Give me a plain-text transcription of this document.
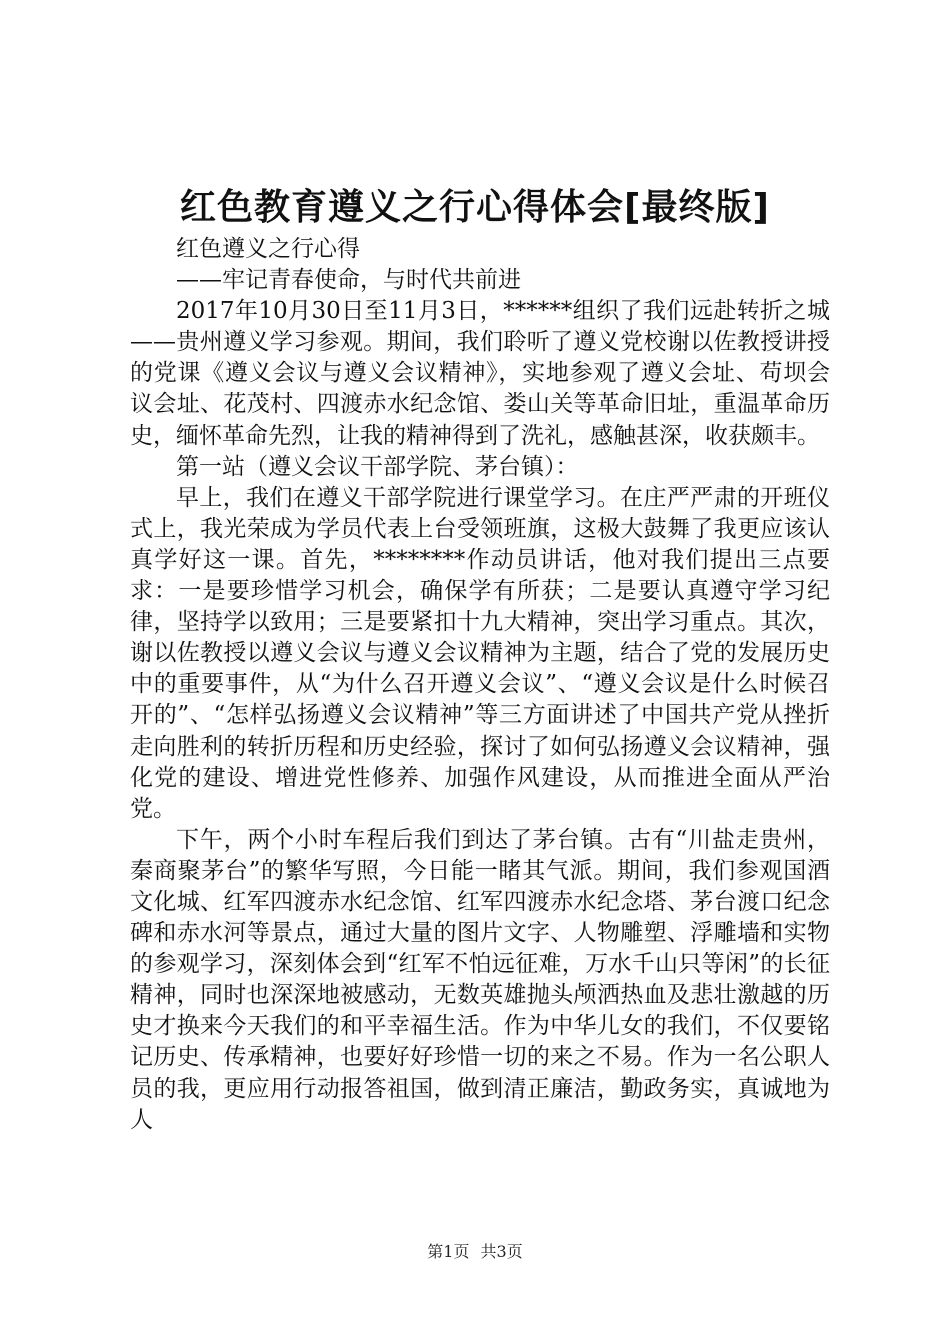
红色教育遵义之行心得体会[最终版]

红色遵义之行心得

——牢记青春使命，与时代共前进

2017年10月30日至11月3日，******组织了我们远赴转折之城——贵州遵义学习参观。期间，我们聆听了遵义党校谢以佐教授讲授的党课《遵义会议与遵义会议精神》，实地参观了遵义会址、苟坝会议会址、花茂村、四渡赤水纪念馆、娄山关等革命旧址，重温革命历史，缅怀革命先烈，让我的精神得到了洗礼，感触甚深，收获颇丰。

第一站（遵义会议干部学院、茅台镇）：

早上，我们在遵义干部学院进行课堂学习。在庄严严肃的开班仪式上，我光荣成为学员代表上台受领班旗，这极大鼓舞了我更应该认真学好这一课。首先，********作动员讲话，他对我们提出三点要求：一是要珍惜学习机会，确保学有所获；二是要认真遵守学习纪律，坚持学以致用；三是要紧扣十九大精神，突出学习重点。其次，谢以佐教授以遵义会议与遵义会议精神为主题，结合了党的发展历史中的重要事件，从“为什么召开遵义会议”、“遵义会议是什么时候召开的”、“怎样弘扬遵义会议精神”等三方面讲述了中国共产党从挫折走向胜利的转折历程和历史经验，探讨了如何弘扬遵义会议精神，强化党的建设、增进党性修养、加强作风建设，从而推进全面从严治党。

下午，两个小时车程后我们到达了茅台镇。古有“川盐走贵州，秦商聚茅台”的繁华写照，今日能一睹其气派。期间，我们参观国酒文化城、红军四渡赤水纪念馆、红军四渡赤水纪念塔、茅台渡口纪念碑和赤水河等景点，通过大量的图片文字、人物雕塑、浮雕墙和实物的参观学习，深刻体会到“红军不怕远征难，万水千山只等闲”的长征精神，同时也深深地被感动，无数英雄抛头颅洒热血及悲壮激越的历史才换来今天我们的和平幸福生活。作为中华儿女的我们，不仅要铭记历史、传承精神，也要好好珍惜一切的来之不易。作为一名公职人员的我，更应用行动报答祖国，做到清正廉洁，勤政务实，真诚地为人

第1页 共3页
